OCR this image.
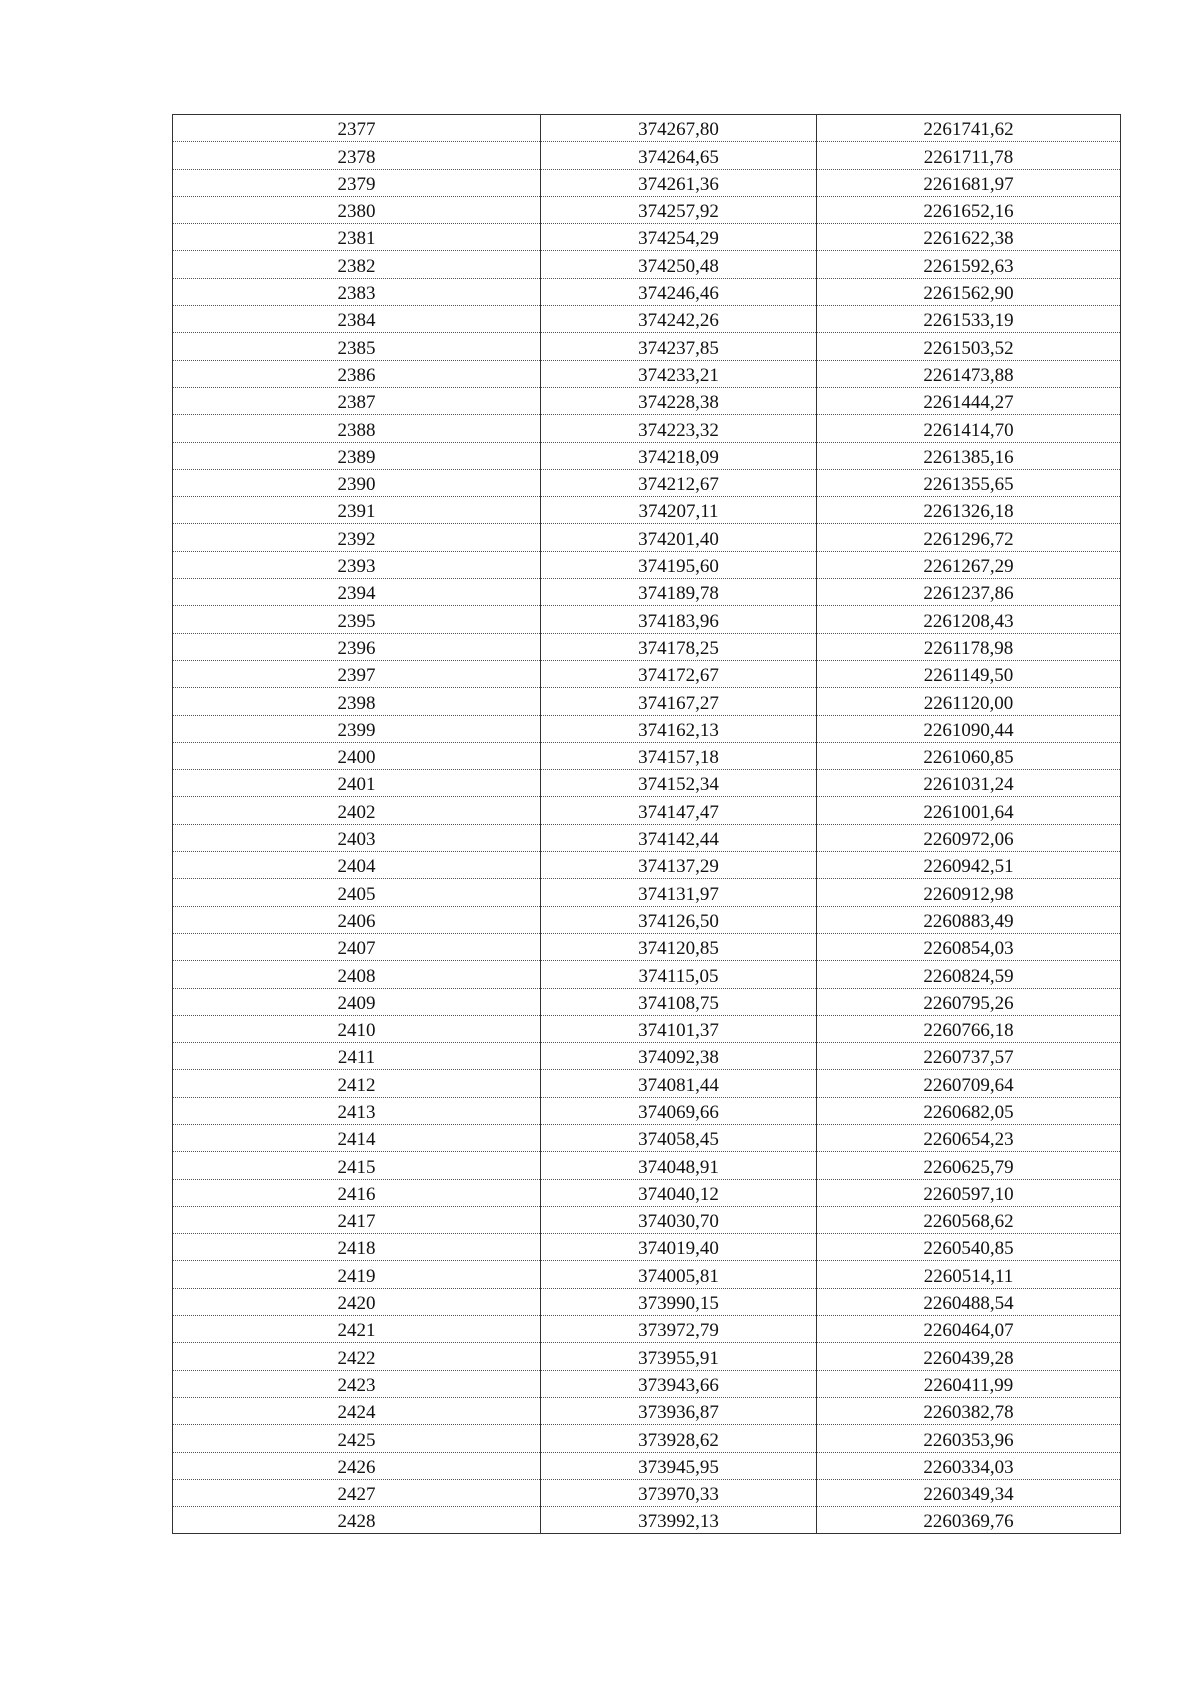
2377	374267,80	2261741,62
2378	374264,65	2261711,78
2379	374261,36	2261681,97
2380	374257,92	2261652,16
2381	374254,29	2261622,38
2382	374250,48	2261592,63
2383	374246,46	2261562,90
2384	374242,26	2261533,19
2385	374237,85	2261503,52
2386	374233,21	2261473,88
2387	374228,38	2261444,27
2388	374223,32	2261414,70
2389	374218,09	2261385,16
2390	374212,67	2261355,65
2391	374207,11	2261326,18
2392	374201,40	2261296,72
2393	374195,60	2261267,29
2394	374189,78	2261237,86
2395	374183,96	2261208,43
2396	374178,25	2261178,98
2397	374172,67	2261149,50
2398	374167,27	2261120,00
2399	374162,13	2261090,44
2400	374157,18	2261060,85
2401	374152,34	2261031,24
2402	374147,47	2261001,64
2403	374142,44	2260972,06
2404	374137,29	2260942,51
2405	374131,97	2260912,98
2406	374126,50	2260883,49
2407	374120,85	2260854,03
2408	374115,05	2260824,59
2409	374108,75	2260795,26
2410	374101,37	2260766,18
2411	374092,38	2260737,57
2412	374081,44	2260709,64
2413	374069,66	2260682,05
2414	374058,45	2260654,23
2415	374048,91	2260625,79
2416	374040,12	2260597,10
2417	374030,70	2260568,62
2418	374019,40	2260540,85
2419	374005,81	2260514,11
2420	373990,15	2260488,54
2421	373972,79	2260464,07
2422	373955,91	2260439,28
2423	373943,66	2260411,99
2424	373936,87	2260382,78
2425	373928,62	2260353,96
2426	373945,95	2260334,03
2427	373970,33	2260349,34
2428	373992,13	2260369,76
